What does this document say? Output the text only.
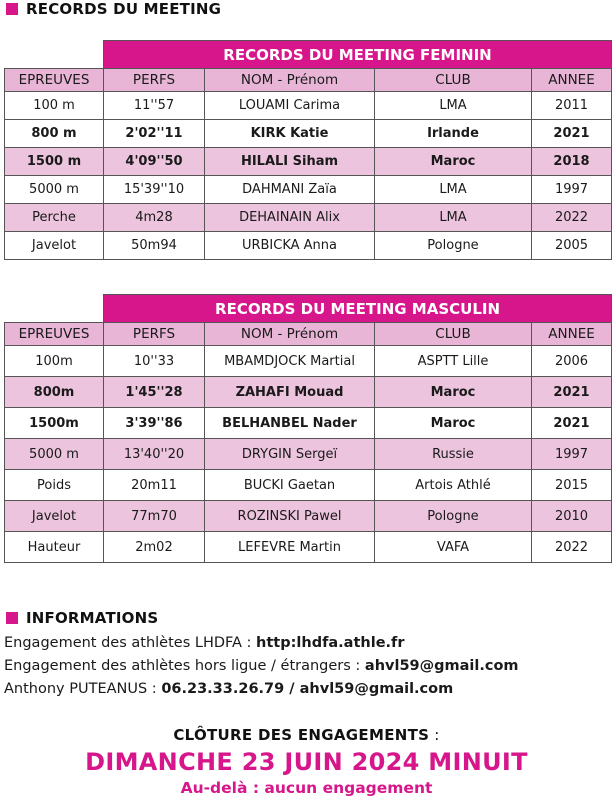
RECORDS DU MEETING
	RECORDS DU MEETING FEMININ			
EPREUVES	PERFS	NOM - Prénom	CLUB	ANNEE
100 m	11''57	LOUAMI Carima	LMA	2011
800 m	2'02''11	KIRK Katie	Irlande	2021
1500 m	4'09''50	HILALI Siham	Maroc	2018
5000 m	15'39''10	DAHMANI Zaïa	LMA	1997
Perche	4m28	DEHAINAIN Alix	LMA	2022
Javelot	50m94	URBICKA Anna	Pologne	2005
	RECORDS DU MEETING MASCULIN			
EPREUVES	PERFS	NOM - Prénom	CLUB	ANNEE
100m	10''33	MBAMDJOCK Martial	ASPTT Lille	2006
800m	1'45''28	ZAHAFI Mouad	Maroc	2021
1500m	3'39''86	BELHANBEL Nader	Maroc	2021
5000 m	13'40''20	DRYGIN Sergeï	Russie	1997
Poids	20m11	BUCKI Gaetan	Artois Athlé	2015
Javelot	77m70	ROZINSKI Pawel	Pologne	2010
Hauteur	2m02	LEFEVRE Martin	VAFA	2022
INFORMATIONS
Engagement des athlètes LHDFA : http:lhdfa.athle.fr
Engagement des athlètes hors ligue / étrangers : ahvl59@gmail.com
Anthony PUTEANUS : 06.23.33.26.79 / ahvl59@gmail.com
CLÔTURE DES ENGAGEMENTS :
DIMANCHE 23 JUIN 2024 MINUIT
Au-delà : aucun engagement
